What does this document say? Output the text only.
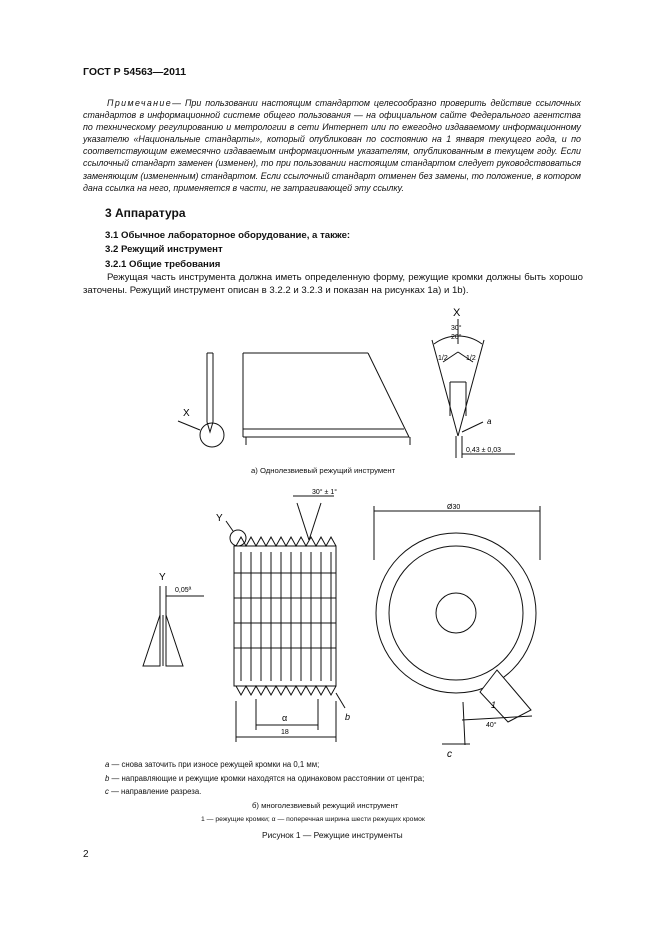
ГОСТ Р 54563—2011
Примечание— При пользовании настоящим стандартом целесообразно проверить действие ссылочных стандартов в информационной системе общего пользования — на официальном сайте Федерального агентства по техническому регулированию и метрологии в сети Интернет или по ежегодно издаваемому информационному указателю «Национальные стандарты», который опубликован по состоянию на 1 января текущего года, и по соответствующим ежемесячно издаваемым информационным указателям, опубликованным в текущем году. Если ссылочный стандарт заменен (изменен), то при пользовании настоящим стандартом следует руководствоваться заменяющим (измененным) стандартом. Если ссылочный стандарт отменен без замены, то положение, в котором дана ссылка на него, применяется в части, не затрагивающей эту ссылку.
3 Аппаратура
3.1 Обычное лабораторное оборудование, а также:
3.2 Режущий инструмент
3.2.1 Общие требования
Режущая часть инструмента должна иметь определенную форму, режущие кромки должны быть хорошо заточены. Режущий инструмент описан в 3.2.2 и 3.2.3 и показан на рисунках 1а) и 1b).
X
X
30°
20°
1/2	1/2
a
0,43 ± 0,03
Y
30° ± 1°
Y
0,05ª
Ø30
α
18
b
1
40°
c
а) Однолезвиевый режущий инструмент
a — снова заточить при износе режущей кромки на 0,1 мм;
b — направляющие и режущие кромки находятся на одинаковом расстоянии от центра;
c — направление разреза.
б) многолезвиевый режущий инструмент
1 — режущие кромки; α — поперечная ширина шести режущих кромок
Рисунок 1 — Режущие инструменты
2
